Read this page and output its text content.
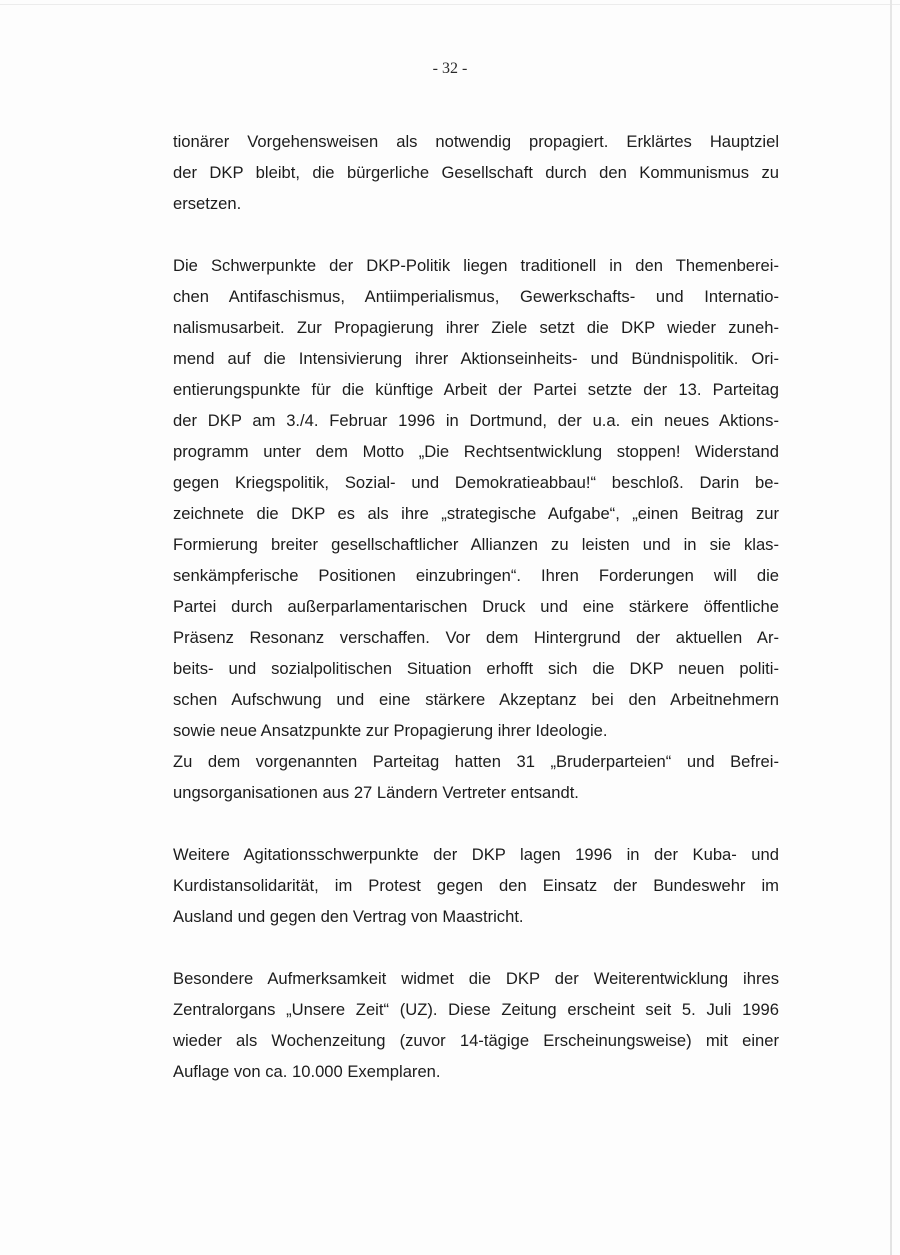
- 32 -
tionärer Vorgehensweisen als notwendig propagiert. Erklärtes Hauptziel
der DKP bleibt, die bürgerliche Gesellschaft durch den Kommunismus zu
ersetzen.
Die Schwerpunkte der DKP-Politik liegen traditionell in den Themenberei-
chen Antifaschismus, Antiimperialismus, Gewerkschafts- und Internatio-
nalismusarbeit. Zur Propagierung ihrer Ziele setzt die DKP wieder zuneh-
mend auf die Intensivierung ihrer Aktionseinheits- und Bündnispolitik. Ori-
entierungspunkte für die künftige Arbeit der Partei setzte der 13. Parteitag
der DKP am 3./4. Februar 1996 in Dortmund, der u.a. ein neues Aktions-
programm unter dem Motto „Die Rechtsentwicklung stoppen! Widerstand
gegen Kriegspolitik, Sozial- und Demokratieabbau!“ beschloß. Darin be-
zeichnete die DKP es als ihre „strategische Aufgabe“, „einen Beitrag zur
Formierung breiter gesellschaftlicher Allianzen zu leisten und in sie klas-
senkämpferische Positionen einzubringen“. Ihren Forderungen will die
Partei durch außerparlamentarischen Druck und eine stärkere öffentliche
Präsenz Resonanz verschaffen. Vor dem Hintergrund der aktuellen Ar-
beits- und sozialpolitischen Situation erhofft sich die DKP neuen politi-
schen Aufschwung und eine stärkere Akzeptanz bei den Arbeitnehmern
sowie neue Ansatzpunkte zur Propagierung ihrer Ideologie.
Zu dem vorgenannten Parteitag hatten 31 „Bruderparteien“ und Befrei-
ungsorganisationen aus 27 Ländern Vertreter entsandt.
Weitere Agitationsschwerpunkte der DKP lagen 1996 in der Kuba- und
Kurdistansolidarität, im Protest gegen den Einsatz der Bundeswehr im
Ausland und gegen den Vertrag von Maastricht.
Besondere Aufmerksamkeit widmet die DKP der Weiterentwicklung ihres
Zentralorgans „Unsere Zeit“ (UZ). Diese Zeitung erscheint seit 5. Juli 1996
wieder als Wochenzeitung (zuvor 14-tägige Erscheinungsweise) mit einer
Auflage von ca. 10.000 Exemplaren.
